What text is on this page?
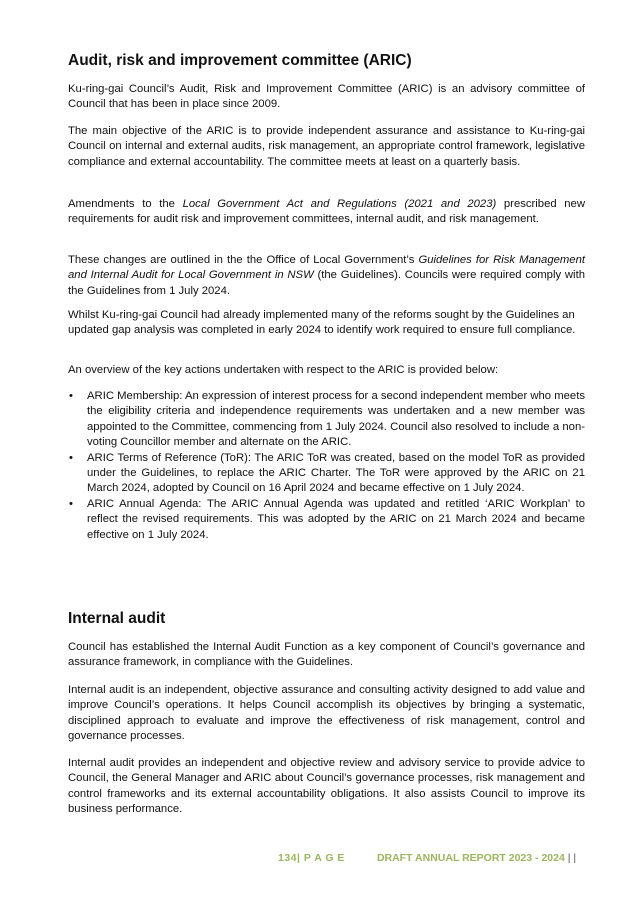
Audit, risk and improvement committee (ARIC)

Ku-ring-gai Council’s Audit, Risk and Improvement Committee (ARIC) is an advisory committee of Council that has been in place since 2009.

The main objective of the ARIC is to provide independent assurance and assistance to Ku-ring-gai Council on internal and external audits, risk management, an appropriate control framework, legislative compliance and external accountability. The committee meets at least on a quarterly basis.

Amendments to the Local Government Act and Regulations (2021 and 2023) prescribed new requirements for audit risk and improvement committees, internal audit, and risk management.

These changes are outlined in the the Office of Local Government’s Guidelines for Risk Management and Internal Audit for Local Government in NSW (the Guidelines). Councils were required comply with the Guidelines from 1 July 2024.

Whilst Ku-ring-gai Council had already implemented many of the reforms sought by the Guidelines an updated gap analysis was completed in early 2024 to identify work required to ensure full compliance.

An overview of the key actions undertaken with respect to the ARIC is provided below:

• ARIC Membership: An expression of interest process for a second independent member who meets the eligibility criteria and independence requirements was undertaken and a new member was appointed to the Committee, commencing from 1 July 2024. Council also resolved to include a non-voting Councillor member and alternate on the ARIC.
• ARIC Terms of Reference (ToR): The ARIC ToR was created, based on the model ToR as provided under the Guidelines, to replace the ARIC Charter. The ToR were approved by the ARIC on 21 March 2024, adopted by Council on 16 April 2024 and became effective on 1 July 2024.
• ARIC Annual Agenda: The ARIC Annual Agenda was updated and retitled ‘ARIC Workplan’ to reflect the revised requirements. This was adopted by the ARIC on 21 March 2024 and became effective on 1 July 2024.
Internal audit

Council has established the Internal Audit Function as a key component of Council’s governance and assurance framework, in compliance with the Guidelines.

Internal audit is an independent, objective assurance and consulting activity designed to add value and improve Council’s operations. It helps Council accomplish its objectives by bringing a systematic, disciplined approach to evaluate and improve the effectiveness of risk management, control and governance processes.

Internal audit provides an independent and objective review and advisory service to provide advice to Council, the General Manager and ARIC about Council’s governance processes, risk management and control frameworks and its external accountability obligations. It also assists Council to improve its business performance.

134| P A G E	DRAFT ANNUAL REPORT 2023 - 2024 | |
